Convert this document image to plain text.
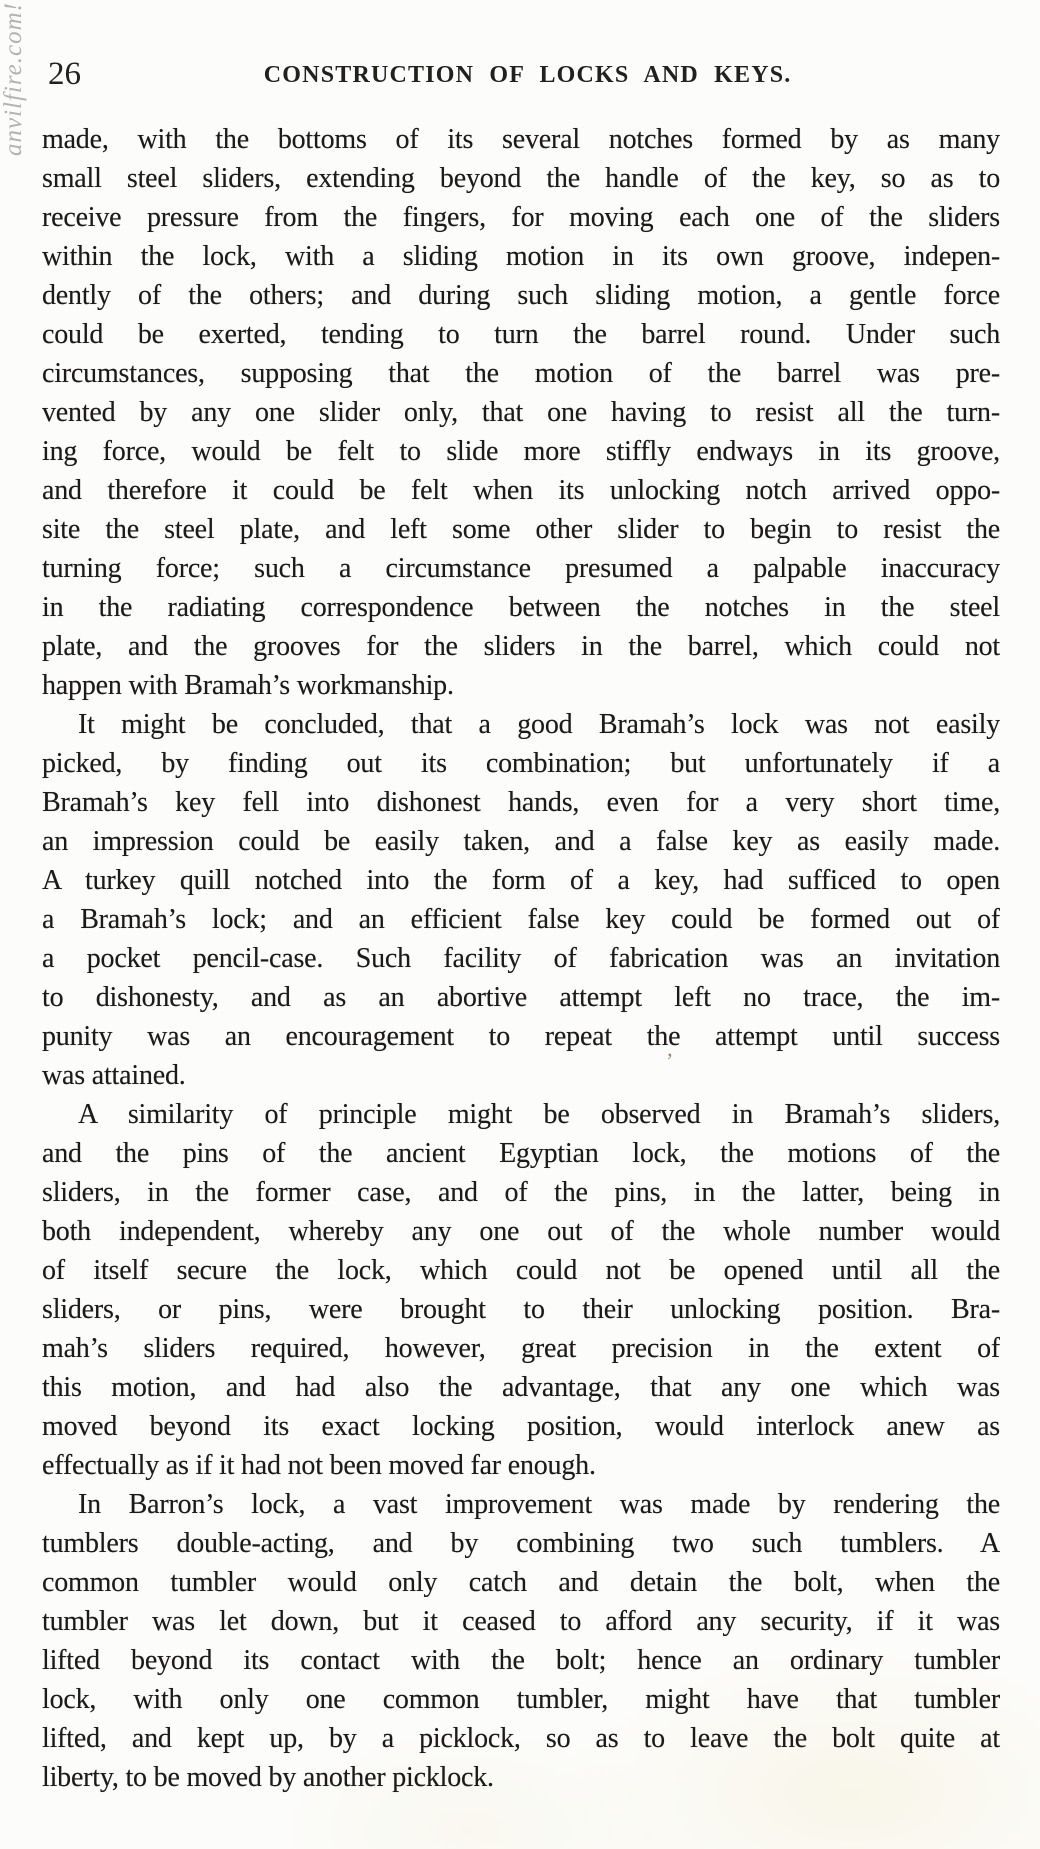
anvilfire.com! 26	CONSTRUCTION OF LOCKS AND KEYS.
made, with the bottoms of its several notches formed by as many
small steel sliders, extending beyond the handle of the key, so as to
receive pressure from the fingers, for moving each one of the sliders
within the lock, with a sliding motion in its own groove, indepen-
dently of the others; and during such sliding motion, a gentle force
could be exerted, tending to turn the barrel round. Under such
circumstances, supposing that the motion of the barrel was pre-
vented by any one slider only, that one having to resist all the turn-
ing force, would be felt to slide more stiffly endways in its groove,
and therefore it could be felt when its unlocking notch arrived oppo-
site the steel plate, and left some other slider to begin to resist the
turning force; such a circumstance presumed a palpable inaccuracy
in the radiating correspondence between the notches in the steel
plate, and the grooves for the sliders in the barrel, which could not
happen with Bramah’s workmanship.
It might be concluded, that a good Bramah’s lock was not easily
picked, by finding out its combination; but unfortunately if a
Bramah’s key fell into dishonest hands, even for a very short time,
an impression could be easily taken, and a false key as easily made.
A turkey quill notched into the form of a key, had sufficed to open
a Bramah’s lock; and an efficient false key could be formed out of
a pocket pencil-case. Such facility of fabrication was an invitation
to dishonesty, and as an abortive attempt left no trace, the im-
punity was an encouragement to repeat the attempt until success
was attained.
A similarity of principle might be observed in Bramah’s sliders,
and the pins of the ancient Egyptian lock, the motions of the
sliders, in the former case, and of the pins, in the latter, being in
both independent, whereby any one out of the whole number would
of itself secure the lock, which could not be opened until all the
sliders, or pins, were brought to their unlocking position. Bra-
mah’s sliders required, however, great precision in the extent of
this motion, and had also the advantage, that any one which was
moved beyond its exact locking position, would interlock anew as
effectually as if it had not been moved far enough.
In Barron’s lock, a vast improvement was made by rendering the
tumblers double-acting, and by combining two such tumblers. A
common tumbler would only catch and detain the bolt, when the
tumbler was let down, but it ceased to afford any security, if it was
lifted beyond its contact with the bolt; hence an ordinary tumbler
lock, with only one common tumbler, might have that tumbler
lifted, and kept up, by a picklock, so as to leave the bolt quite at
liberty, to be moved by another picklock.
’
